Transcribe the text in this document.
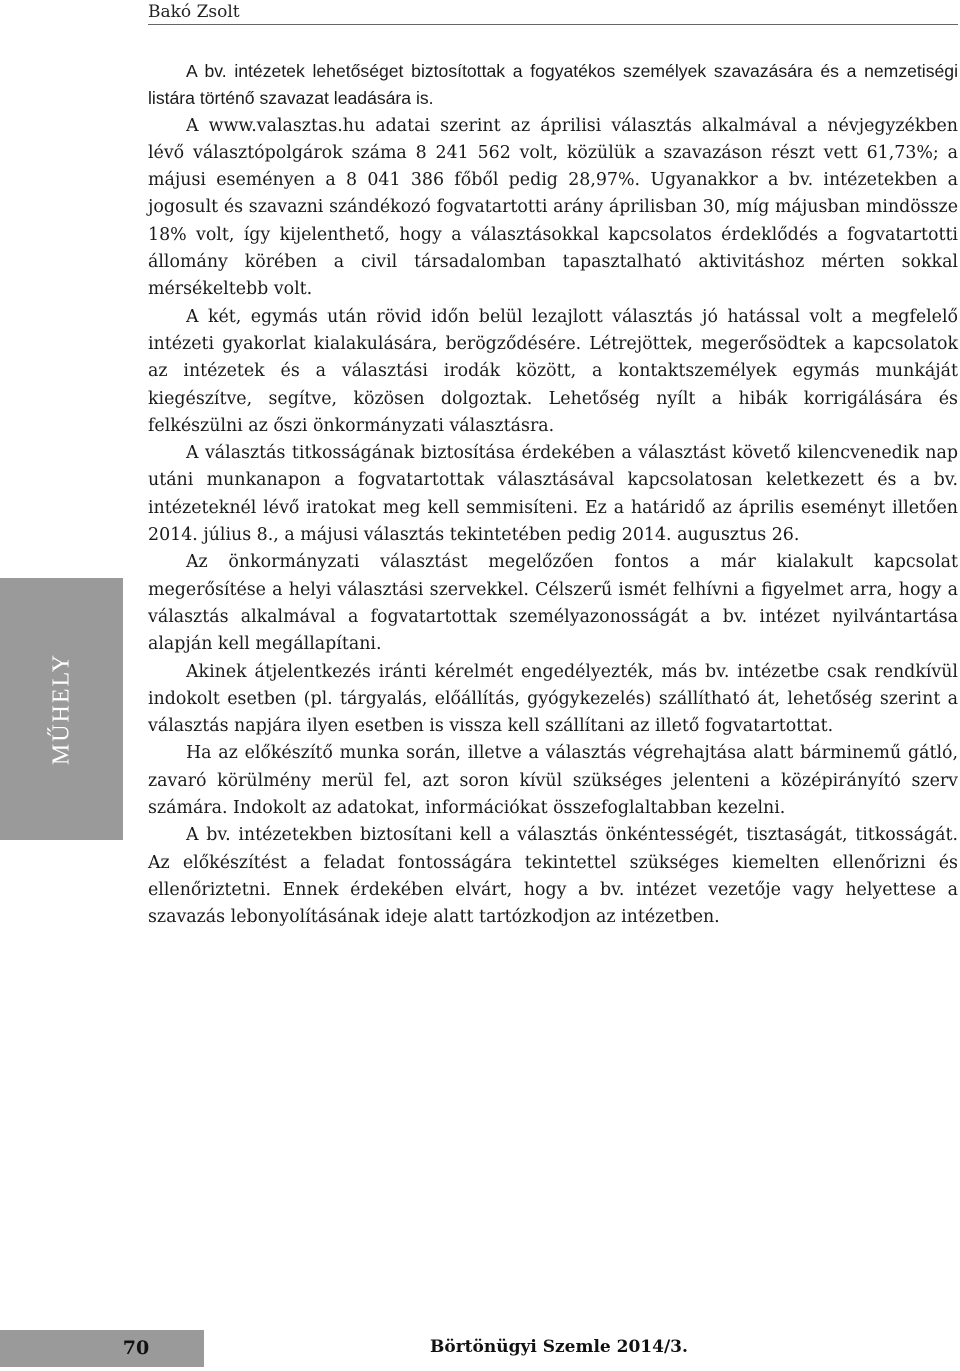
Bakó Zsolt
MŰHELY

A bv. intézetek lehetőséget biztosítottak a fogyatékos személyek szavazására és a nemzetiségi listára történő szavazat leadására is.

A www.valasztas.hu adatai szerint az áprilisi választás alkalmával a névjegyzékben lévő választópolgárok száma 8 241 562 volt, közülük a szavazáson részt vett 61,73%; a májusi eseményen a 8 041 386 főből pedig 28,97%. Ugyanakkor a bv. intézetekben a jogosult és szavazni szándékozó fogvatartotti arány áprilisban 30, míg májusban mindössze 18% volt, így kijelenthető, hogy a választásokkal kapcsolatos érdeklődés a fogvatartotti állomány körében a civil társadalomban tapasztalható aktivitáshoz mérten sokkal mérsékeltebb volt.

A két, egymás után rövid időn belül lezajlott választás jó hatással volt a megfelelő intézeti gyakorlat kialakulására, berögződésére. Létrejöttek, megerősödtek a kapcsolatok az intézetek és a választási irodák között, a kontaktszemélyek egymás munkáját kiegészítve, segítve, közösen dolgoztak. Lehetőség nyílt a hibák korrigálására és felkészülni az őszi önkormányzati választásra.

A választás titkosságának biztosítása érdekében a választást követő kilencvenedik nap utáni munkanapon a fogvatartottak választásával kapcsolatosan keletkezett és a bv. intézeteknél lévő iratokat meg kell semmisíteni. Ez a határidő az április eseményt illetően 2014. július 8., a májusi választás tekintetében pedig 2014. augusztus 26.

Az önkormányzati választást megelőzően fontos a már kialakult kapcsolat megerősítése a helyi választási szervekkel. Célszerű ismét felhívni a figyelmet arra, hogy a választás alkalmával a fogvatartottak személyazonosságát a bv. intézet nyilvántartása alapján kell megállapítani.

Akinek átjelentkezés iránti kérelmét engedélyezték, más bv. intézetbe csak rendkívül indokolt esetben (pl. tárgyalás, előállítás, gyógykezelés) szállítható át, lehetőség szerint a választás napjára ilyen esetben is vissza kell szállítani az illető fogvatartottat.

Ha az előkészítő munka során, illetve a választás végrehajtása alatt bárminemű gátló, zavaró körülmény merül fel, azt soron kívül szükséges jelenteni a középirányító szerv számára. Indokolt az adatokat, információkat összefoglaltabban kezelni.

A bv. intézetekben biztosítani kell a választás önkéntességét, tisztaságát, titkosságát. Az előkészítést a feladat fontosságára tekintettel szükséges kiemelten ellenőrizni és ellenőriztetni. Ennek érdekében elvárt, hogy a bv. intézet vezetője vagy helyettese a szavazás lebonyolításának ideje alatt tartózkodjon az intézetben.

70	Börtönügyi Szemle 2014/3.
